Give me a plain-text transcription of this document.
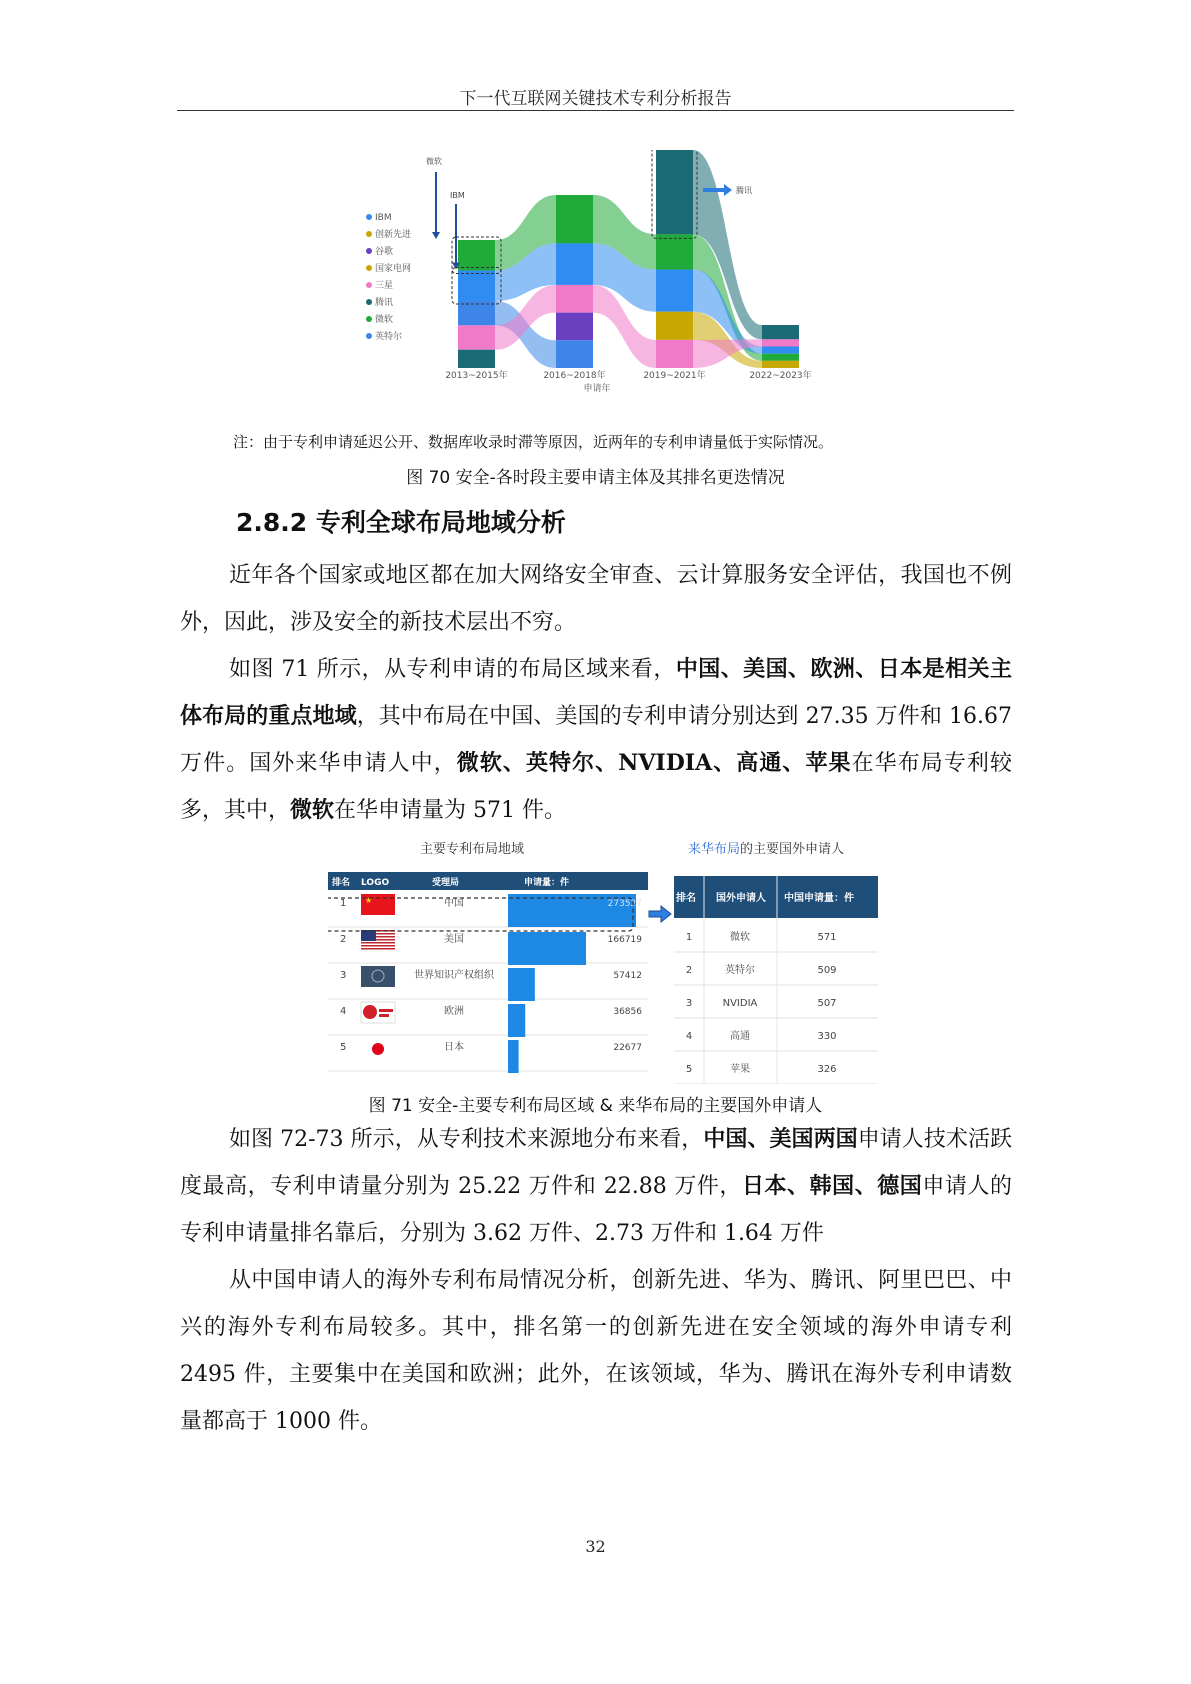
下一代互联网关键技术专利分析报告
IBM
创新先进
谷歌
国家电网
三星
腾讯
微软
英特尔
微软
IBM
腾讯
2013~2015年	2016~2018年	2019~2021年	2022~2023年
申请年
注：由于专利申请延迟公开、数据库收录时滞等原因，近两年的专利申请量低于实际情况。
图 70 安全-各时段主要申请主体及其排名更迭情况
2.8.2 专利全球布局地域分析
近年各个国家或地区都在加大网络安全审查、云计算服务安全评估，我国也不例外，因此，涉及安全的新技术层出不穷。
如图 71 所示，从专利申请的布局区域来看，中国、美国、欧洲、日本是相关主体布局的重点地域，其中布局在中国、美国的专利申请分别达到 27.35 万件和 16.67 万件。国外来华申请人中，微软、英特尔、NVIDIA、高通、苹果在华布局专利较多，其中，微软在华申请量为 571 件。
主要专利布局地域	来华布局的主要国外申请人
排名 LOGO	受理局	申请量：件
1 ★	中国	273527
2	美国	166719
3	世界知识产权组织	57412
4	欧洲	36856
5	日本	22677
排名 国外申请人 中国申请量：件
1	微软	571
2	英特尔	509
3	NVIDIA	507
4	高通	330
5	苹果	326
图 71 安全-主要专利布局区域 & 来华布局的主要国外申请人
如图 72-73 所示，从专利技术来源地分布来看，中国、美国两国申请人技术活跃度最高，专利申请量分别为 25.22 万件和 22.88 万件，日本、韩国、德国申请人的专利申请量排名靠后，分别为 3.62 万件、2.73 万件和 1.64 万件
从中国申请人的海外专利布局情况分析，创新先进、华为、腾讯、阿里巴巴、中兴的海外专利布局较多。其中，排名第一的创新先进在安全领域的海外申请专利 2495 件，主要集中在美国和欧洲；此外，在该领域，华为、腾讯在海外专利申请数量都高于 1000 件。
32
